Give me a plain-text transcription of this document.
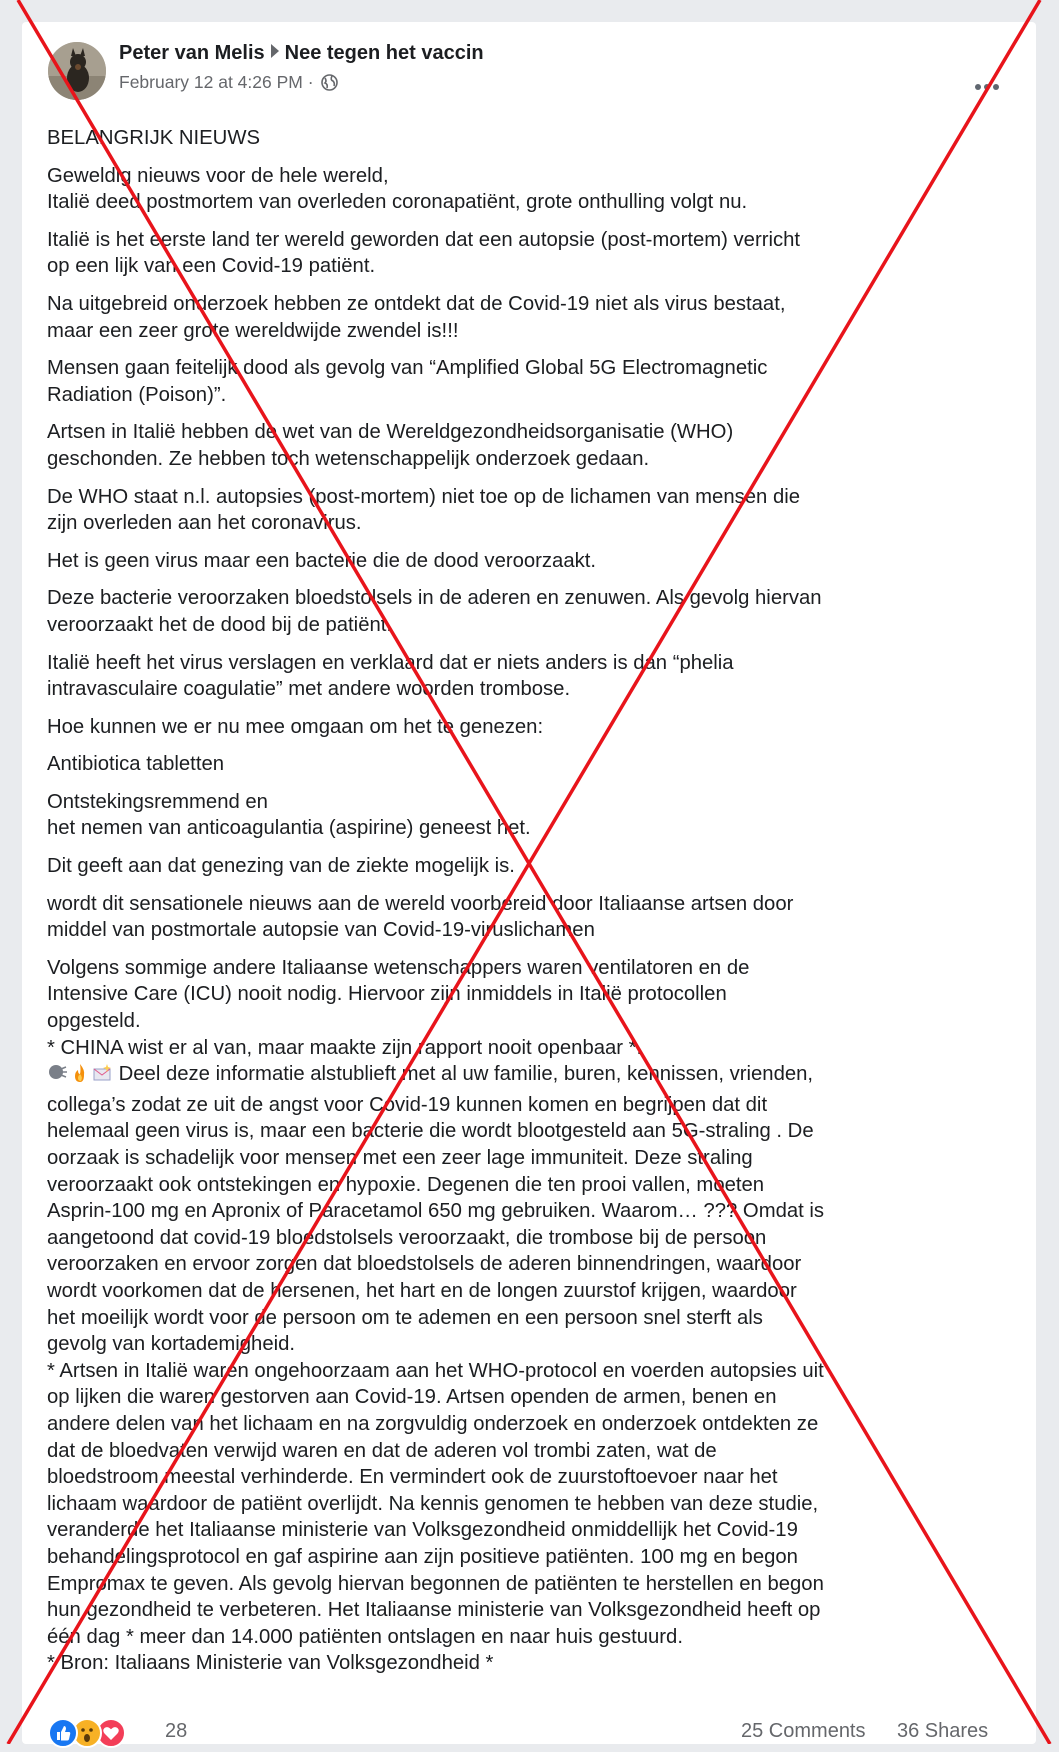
Peter van Melis Nee tegen het vaccin
February 12 at 4:26 PM ·

BELANGRIJK NIEUWS

Geweldig nieuws voor de hele wereld,
Italië deed postmortem van overleden coronapatiënt, grote onthulling volgt nu.

Italië is het eerste land ter wereld geworden dat een autopsie (post-mortem) verricht
op een lijk van een Covid-19 patiënt.

Na uitgebreid onderzoek hebben ze ontdekt dat de Covid-19 niet als virus bestaat,
maar een zeer grote wereldwijde zwendel is!!!

Mensen gaan feitelijk dood als gevolg van “Amplified Global 5G Electromagnetic
Radiation (Poison)”.

Artsen in Italië hebben de wet van de Wereldgezondheidsorganisatie (WHO)
geschonden. Ze hebben toch wetenschappelijk onderzoek gedaan.

De WHO staat n.l. autopsies (post-mortem) niet toe op de lichamen van mensen die
zijn overleden aan het coronavirus.

Het is geen virus maar een bacterie die de dood veroorzaakt.

Deze bacterie veroorzaken bloedstolsels in de aderen en zenuwen. Als gevolg hiervan
veroorzaakt het de dood bij de patiënt.

Italië heeft het virus verslagen en verklaard dat er niets anders is dan “phelia
intravasculaire coagulatie” met andere woorden trombose.

Hoe kunnen we er nu mee omgaan om het te genezen:

Antibiotica tabletten

Ontstekingsremmend en
het nemen van anticoagulantia (aspirine) geneest het.

Dit geeft aan dat genezing van de ziekte mogelijk is.

wordt dit sensationele nieuws aan de wereld voorbereid door Italiaanse artsen door
middel van postmortale autopsie van Covid-19-viruslichamen

Volgens sommige andere Italiaanse wetenschappers waren ventilatoren en de
Intensive Care (ICU) nooit nodig. Hiervoor zijn inmiddels in Italië protocollen
opgesteld.
* CHINA wist er al van, maar maakte zijn rapport nooit openbaar *.
Deel deze informatie alstublieft met al uw familie, buren, kennissen, vrienden,
collega’s zodat ze uit de angst voor Covid-19 kunnen komen en begrijpen dat dit
helemaal geen virus is, maar een bacterie die wordt blootgesteld aan 5G-straling . De
oorzaak is schadelijk voor mensen met een zeer lage immuniteit. Deze straling
veroorzaakt ook ontstekingen en hypoxie. Degenen die ten prooi vallen, moeten
Asprin-100 mg en Apronix of Paracetamol 650 mg gebruiken. Waarom… ??? Omdat is
aangetoond dat covid-19 bloedstolsels veroorzaakt, die trombose bij de persoon
veroorzaken en ervoor zorgen dat bloedstolsels de aderen binnendringen, waardoor
wordt voorkomen dat de hersenen, het hart en de longen zuurstof krijgen, waardoor
het moeilijk wordt voor de persoon om te ademen en een persoon snel sterft als
gevolg van kortademigheid.
* Artsen in Italië waren ongehoorzaam aan het WHO-protocol en voerden autopsies uit
op lijken die waren gestorven aan Covid-19. Artsen openden de armen, benen en
andere delen van het lichaam en na zorgvuldig onderzoek en onderzoek ontdekten ze
dat de bloedvaten verwijd waren en dat de aderen vol trombi zaten, wat de
bloedstroom meestal verhinderde. En vermindert ook de zuurstoftoevoer naar het
lichaam waardoor de patiënt overlijdt. Na kennis genomen te hebben van deze studie,
veranderde het Italiaanse ministerie van Volksgezondheid onmiddellijk het Covid-19
behandelingsprotocol en gaf aspirine aan zijn positieve patiënten. 100 mg en begon
Empromax te geven. Als gevolg hiervan begonnen de patiënten te herstellen en begon
hun gezondheid te verbeteren. Het Italiaanse ministerie van Volksgezondheid heeft op
één dag * meer dan 14.000 patiënten ontslagen en naar huis gestuurd.
* Bron: Italiaans Ministerie van Volksgezondheid *

28	25 Comments 36 Shares
